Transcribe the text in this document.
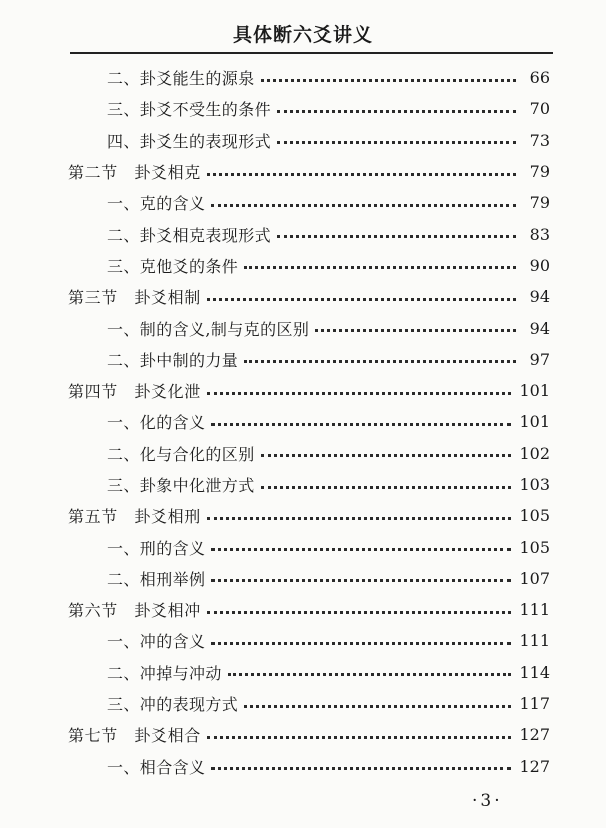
具体断六爻讲义
二、卦爻能生的源泉	66
三、卦爻不受生的条件	70
四、卦爻生的表现形式	73
第二节　卦爻相克	79
一、克的含义	79
二、卦爻相克表现形式	83
三、克他爻的条件	90
第三节　卦爻相制	94
一、制的含义,制与克的区别	94
二、卦中制的力量	97
第四节　卦爻化泄	101
一、化的含义	101
二、化与合化的区别	102
三、卦象中化泄方式	103
第五节　卦爻相刑	105
一、刑的含义	105
二、相刑举例	107
第六节　卦爻相冲	111
一、冲的含义	111
二、冲掉与冲动	114
三、冲的表现方式	117
第七节　卦爻相合	127
一、相合含义	127
·3·
